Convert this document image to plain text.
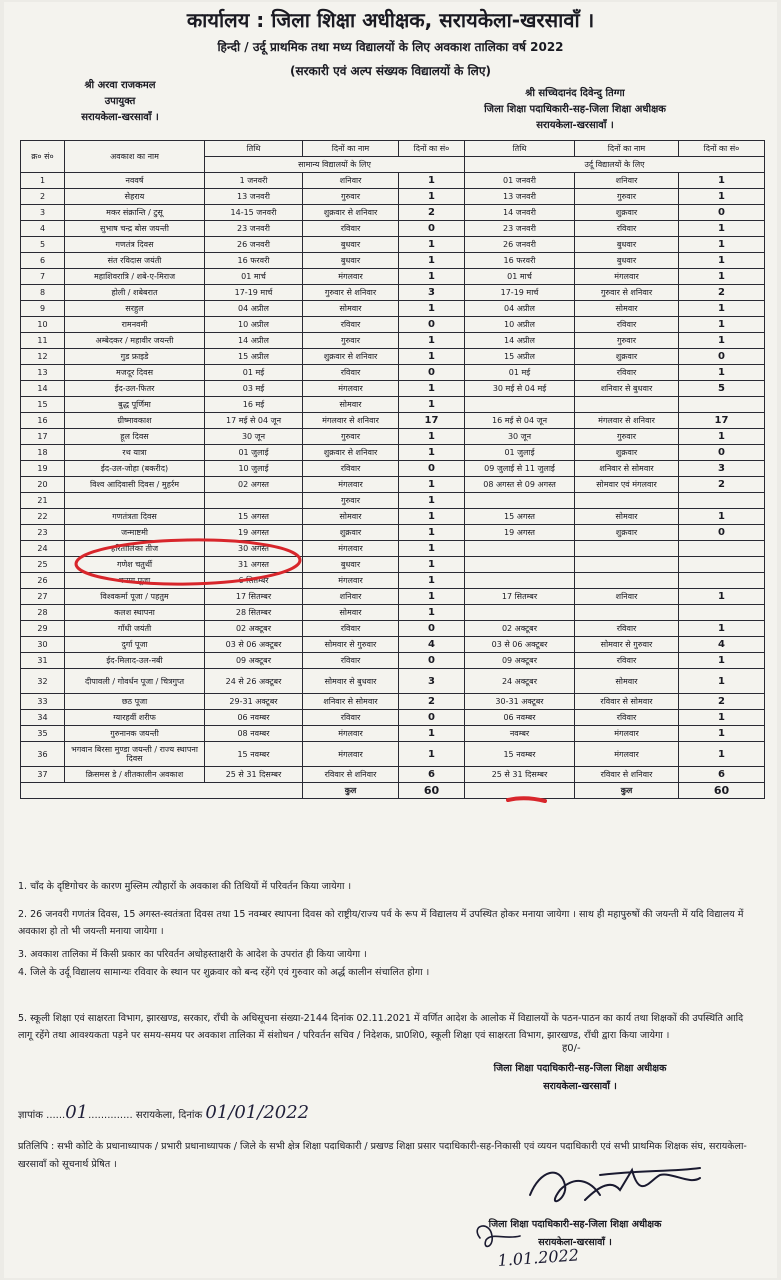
कार्यालय : जिला शिक्षा अधीक्षक, सरायकेला-खरसावाँ ।
हिन्दी / उर्दू प्राथमिक तथा मध्य विद्यालयों के लिए अवकाश तालिका वर्ष 2022
(सरकारी एवं अल्प संख्यक विद्यालयों के लिए)
श्री अरवा राजकमल
उपायुक्त
सरायकेला-खरसावाँ ।
श्री सच्चिदानंद दिवेन्दु तिग्गा
जिला शिक्षा पदाधिकारी-सह-जिला शिक्षा अधीक्षक
सरायकेला-खरसावाँ ।
क्र० सं०	अवकाश का नाम	तिथि	दिनों का नाम	दिनों का सं०	तिथि	दिनों का नाम	दिनों का सं०
		सामान्य विद्यालयों के लिए			उर्दू विद्यालयों के लिए		
1	नववर्ष	1 जनवरी	शनिवार	1	01 जनवरी	शनिवार	1
2	सेहराय	13 जनवरी	गुरुवार	1	13 जनवरी	गुरुवार	1
3	मकर संक्रान्ति / टुसू	14-15 जनवरी	शुक्रवार से शनिवार	2	14 जनवरी	शुक्रवार	0
4	सुभाष चन्द्र बोस जयन्ती	23 जनवरी	रविवार	0	23 जनवरी	रविवार	1
5	गणतंत्र दिवस	26 जनवरी	बुधवार	1	26 जनवरी	बुधवार	1
6	संत रविदास जयंती	16 फरवरी	बुधवार	1	16 फरवरी	बुधवार	1
7	महाशिवरात्रि / शबे-ए-मिराज	01 मार्च	मंगलवार	1	01 मार्च	मंगलवार	1
8	होली / शबेबरात	17-19 मार्च	गुरुवार से शनिवार	3	17-19 मार्च	गुरुवार से शनिवार	2
9	सरहुल	04 अप्रील	सोमवार	1	04 अप्रील	सोमवार	1
10	रामनवमी	10 अप्रील	रविवार	0	10 अप्रील	रविवार	1
11	अम्बेदकर / महावीर जयन्ती	14 अप्रील	गुरुवार	1	14 अप्रील	गुरुवार	1
12	गुड फ्राइडे	15 अप्रील	शुक्रवार से शनिवार	1	15 अप्रील	शुक्रवार	0
13	मजदूर दिवस	01 मई	रविवार	0	01 मई	रविवार	1
14	ईद-उल-फितर	03 मई	मंगलवार	1	30 मई से 04 मई	शनिवार से बुधवार	5
15	बुद्ध पूर्णिमा	16 मई	सोमवार	1			
16	ग्रीष्मावकाश	17 मई से 04 जून	मंगलवार से शनिवार	17	16 मई से 04 जून	मंगलवार से शनिवार	17
17	हूल दिवस	30 जून	गुरुवार	1	30 जून	गुरुवार	1
18	रथ यात्रा	01 जुलाई	शुक्रवार से शनिवार	1	01 जुलाई	शुक्रवार	0
19	ईद-उल-जोहा (बकरीद)	10 जुलाई	रविवार	0	09 जुलाई से 11 जुलाई	शनिवार से सोमवार	3
20	विश्व आदिवासी दिवस / मुहर्रम	02 अगस्त	मंगलवार	1	08 अगस्त से 09 अगस्त	सोमवार एवं मंगलवार	2
21			गुरुवार	1			
22	गणतंत्रता दिवस	15 अगस्त	सोमवार	1	15 अगस्त	सोमवार	1
23	जन्माष्टमी	19 अगस्त	शुक्रवार	1	19 अगस्त	शुक्रवार	0
24	हरितालिका तीज	30 अगस्त	मंगलवार	1			
25	गणेश चतुर्थी	31 अगस्त	बुधवार	1			
26	करमा पूजा	6 सितम्बर	मंगलवार	1			
27	विश्वकर्मा पूजा / पहतुम	17 सितम्बर	शनिवार	1	17 सितम्बर	शनिवार	1
28	कलश स्थापना	28 सितम्बर	सोमवार	1			
29	गाँधी जयंती	02 अक्टूबर	रविवार	0	02 अक्टूबर	रविवार	1
30	दुर्गा पूजा	03 से 06 अक्टूबर	सोमवार से गुरुवार	4	03 से 06 अक्टूबर	सोमवार से गुरुवार	4
31	ईद-मिलाद-उल-नबी	09 अक्टूबर	रविवार	0	09 अक्टूबर	रविवार	1
32	दीपावली / गोवर्धन पूजा / चित्रगुप्त	24 से 26 अक्टूबर	सोमवार से बुधवार	3	24 अक्टूबर	सोमवार	1
33	छठ पूजा	29-31 अक्टूबर	शनिवार से सोमवार	2	30-31 अक्टूबर	रविवार से सोमवार	2
34	ग्यारहवीं शरीफ	06 नवम्बर	रविवार	0	06 नवम्बर	रविवार	1
35	गुरुनानक जयन्ती	08 नवम्बर	मंगलवार	1	नवम्बर	मंगलवार	1
36	भगवान बिरसा मुण्डा जयन्ती / राज्य स्थापना दिवस	15 नवम्बर	मंगलवार	1	15 नवम्बर	मंगलवार	1
37	क्रिसमस डे / शीतकालीन अवकाश	25 से 31 दिसम्बर	रविवार से शनिवार	6	25 से 31 दिसम्बर	रविवार से शनिवार	6
			कुल	60		कुल	60
1. चाँद के दृष्टिगोचर के कारण मुस्लिम त्यौहारों के अवकाश की तिथियों में परिवर्तन किया जायेगा ।
2. 26 जनवरी गणतंत्र दिवस, 15 अगस्त-स्वतंत्रता दिवस तथा 15 नवम्बर स्थापना दिवस को राष्ट्रीय/राज्य पर्व के रूप में विद्यालय में उपस्थित होकर मनाया जायेगा । साथ ही महापुरुषों की जयन्ती में यदि विद्यालय में अवकाश हो तो भी जयन्ती मनाया जायेगा ।
3. अवकाश तालिका में किसी प्रकार का परिवर्तन अधोहस्ताक्षरी के आदेश के उपरांत ही किया जायेगा ।
4. जिले के उर्दू विद्यालय सामान्यः रविवार के स्थान पर शुक्रवार को बन्द रहेंगे एवं गुरुवार को अर्द्ध कालीन संचालित होगा ।
5. स्कूली शिक्षा एवं साक्षरता विभाग, झारखण्ड, सरकार, राँची के अधिसूचना संख्या-2144 दिनांक 02.11.2021 में वर्णित आदेश के आलोक में विद्यालयों के पठन-पाठन का कार्य तथा शिक्षकों की उपस्थिति आदि लागू रहेंगे तथा आवश्यकता पड़ने पर समय-समय पर अवकाश तालिका में संशोधन / परिवर्तन सचिव / निदेशक, प्रा0शि0, स्कूली शिक्षा एवं साक्षरता विभाग, झारखण्ड, राँची द्वारा किया जायेगा ।
ह0/-
जिला शिक्षा पदाधिकारी-सह-जिला शिक्षा अधीक्षक
सरायकेला-खरसावाँ ।
ज्ञापांक ......01.............. सरायकेला, दिनांक 01/01/2022
प्रतिलिपि : सभी कोटि के प्रधानाध्यापक / प्रभारी प्रधानाध्यापक / जिले के सभी क्षेत्र शिक्षा पदाधिकारी / प्रखण्ड शिक्षा प्रसार पदाधिकारी-सह-निकासी एवं व्ययन पदाधिकारी एवं सभी प्राथमिक शिक्षक संघ, सरायकेला-खरसावाँ को सूचनार्थ प्रेषित ।
जिला शिक्षा पदाधिकारी-सह-जिला शिक्षा अधीक्षक
सरायकेला-खरसावाँ ।
1.01.2022
